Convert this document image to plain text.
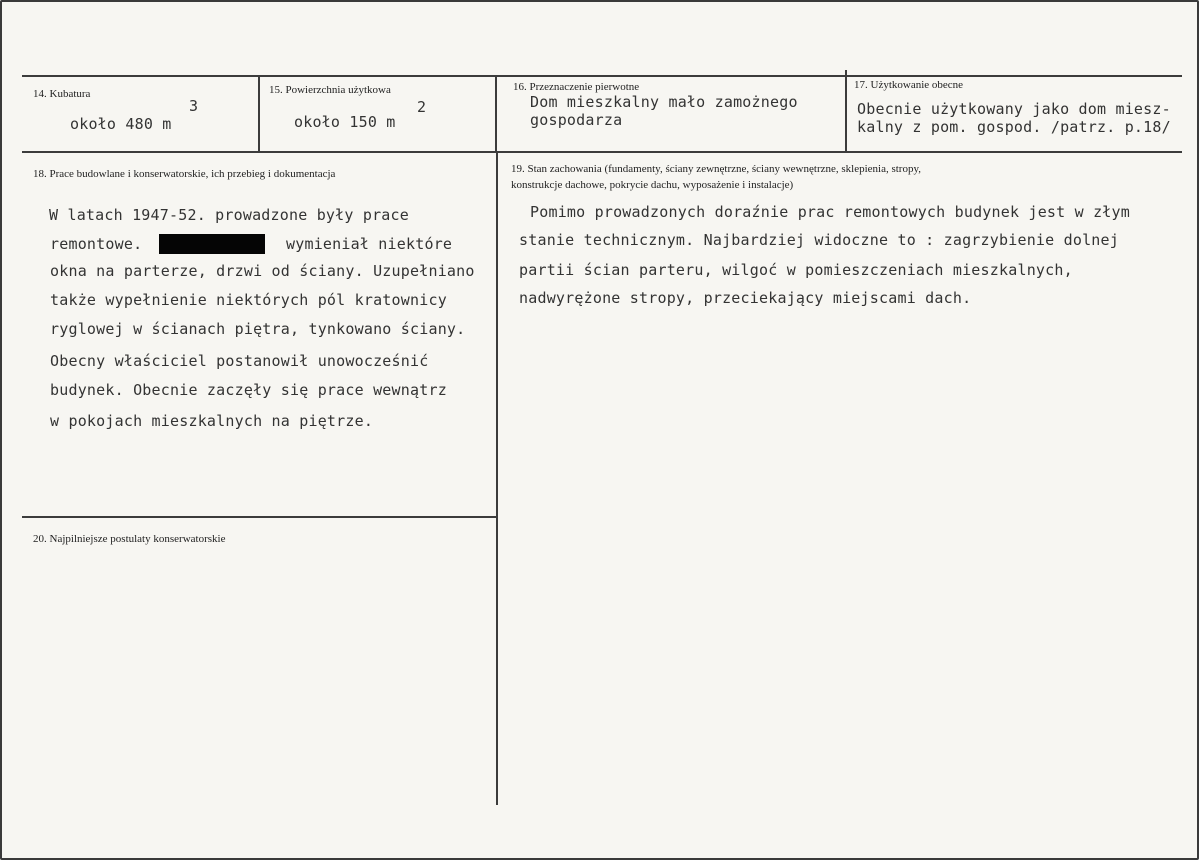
14. Kubatura
około 480 m
3
15. Powierzchnia użytkowa
około 150 m
2
16. Przeznaczenie pierwotne
Dom mieszkalny mało zamożnego
gospodarza
17. Użytkowanie obecne
Obecnie użytkowany jako dom miesz-
kalny z pom. gospod. /patrz. p.18/
18. Prace budowlane i konserwatorskie, ich przebieg i dokumentacja
W latach 1947-52. prowadzone były prace
remontowe.	wymieniał niektóre
okna na parterze, drzwi od ściany. Uzupełniano
także wypełnienie niektórych pól kratownicy
ryglowej w ścianach piętra, tynkowano ściany.
Obecny właściciel postanowił unowocześnić
budynek. Obecnie zaczęły się prace wewnątrz
w pokojach mieszkalnych na piętrze.
19. Stan zachowania (fundamenty, ściany zewnętrzne, ściany wewnętrzne, sklepienia, stropy,
konstrukcje dachowe, pokrycie dachu, wyposażenie i instalacje)
Pomimo prowadzonych doraźnie prac remontowych budynek jest w złym
stanie technicznym. Najbardziej widoczne to : zagrzybienie dolnej
partii ścian parteru, wilgoć w pomieszczeniach mieszkalnych,
nadwyrężone stropy, przeciekający miejscami dach.
20. Najpilniejsze postulaty konserwatorskie
